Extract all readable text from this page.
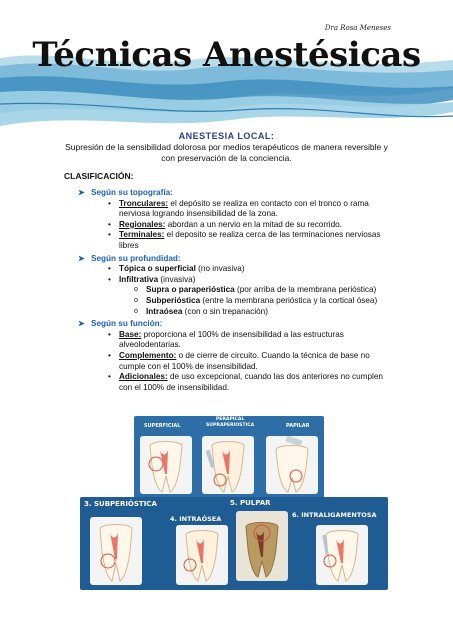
Dra Rosa Meneses
Técnicas Anestésicas
ANESTESIA LOCAL:
Supresión de la sensibilidad dolorosa por medios terapéuticos de manera reversible y con preservación de la conciencia.
CLASIFICACIÓN:
➤ Según su topografía:
• Tronculares: el depósito se realiza en contacto con el tronco o rama nerviosa logrando insensibilidad de la zona.
• Regionales: abordan a un nervio en la mitad de su recorrido.
• Terminales: el deposito se realiza cerca de las terminaciones nerviosas libres
➤ Según su profundidad:
• Tópica o superficial (no invasiva)
• Infiltrativa (invasiva)
o Supra o paraperióstica (por arriba de la membrana perióstica)
o Subperióstica (entre la membrana perióstica y la cortical ósea)
o Intraósea (con o sin trepanación)
➤ Según su función:
• Base: proporciona el 100% de insensibilidad a las estructuras alveolodentarias.
• Complemento: o de cierre de circuito. Cuando la técnica de base no cumple con el 100% de insensibilidad.
• Adicionales: de uso excepcional, cuando las dos anteriores no cumplen con el 100% de insensibilidad.
SUPERFICIAL
PERAPICAL
SUPRAPERIOSTICA	PAPILAR
3. SUBPERIÓSTICA
4. INTRAÓSEA
5. PULPAR
6. INTRALIGAMENTOSA
